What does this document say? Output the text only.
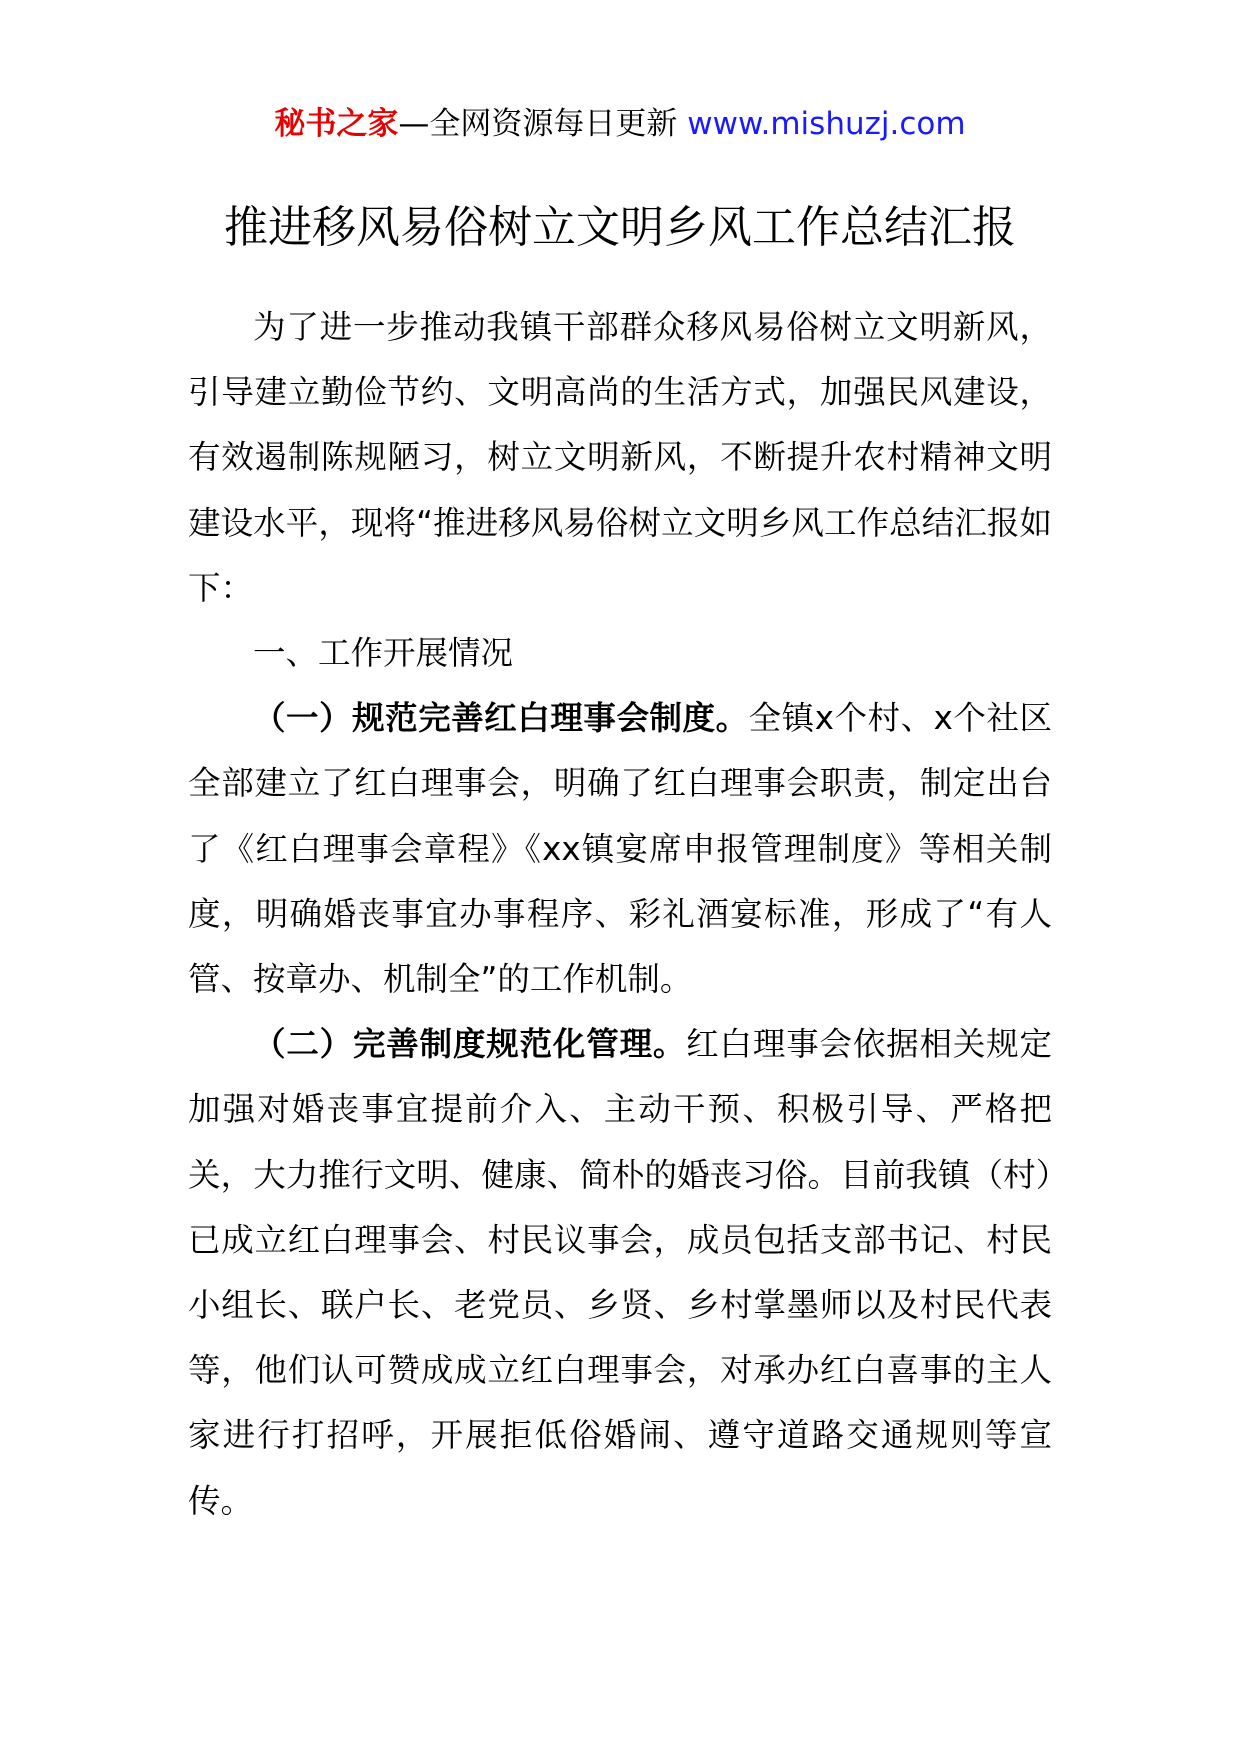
秘书之家—全网资源每日更新 www.mishuzj.com
推进移风易俗树立文明乡风工作总结汇报

为了进一步推动我镇干部群众移风易俗树立文明新风，引导建立勤俭节约、文明高尚的生活方式，加强民风建设，有效遏制陈规陋习，树立文明新风，不断提升农村精神文明建设水平，现将“推进移风易俗树立文明乡风工作总结汇报如下：

一、工作开展情况

（一）规范完善红白理事会制度。全镇x个村、x个社区全部建立了红白理事会，明确了红白理事会职责，制定出台了《红白理事会章程》《xx镇宴席申报管理制度》等相关制度，明确婚丧事宜办事程序、彩礼酒宴标准，形成了“有人管、按章办、机制全”的工作机制。

（二）完善制度规范化管理。红白理事会依据相关规定加强对婚丧事宜提前介入、主动干预、积极引导、严格把关，大力推行文明、健康、简朴的婚丧习俗。目前我镇（村）已成立红白理事会、村民议事会，成员包括支部书记、村民小组长、联户长、老党员、乡贤、乡村掌墨师以及村民代表等，他们认可赞成成立红白理事会，对承办红白喜事的主人家进行打招呼，开展拒低俗婚闹、遵守道路交通规则等宣传。
